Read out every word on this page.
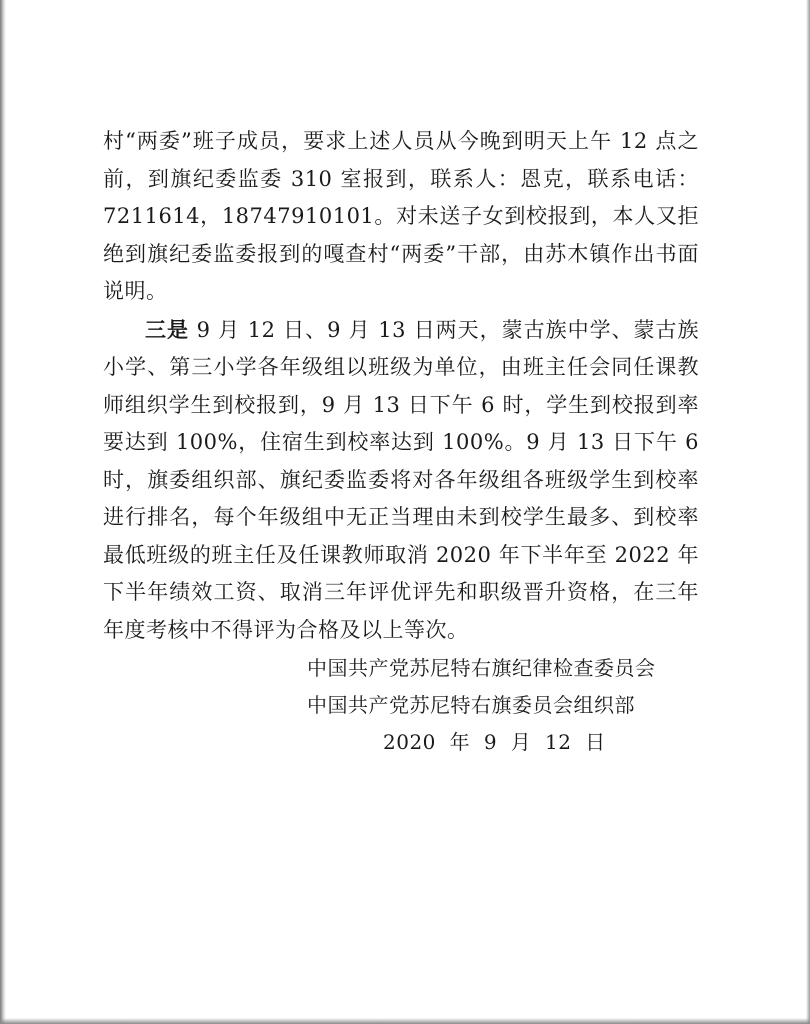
村“两委”班子成员，要求上述人员从今晚到明天上午 12 点之前，到旗纪委监委 310 室报到，联系人：恩克，联系电话：7211614，18747910101。对未送子女到校报到，本人又拒绝到旗纪委监委报到的嘎查村“两委”干部，由苏木镇作出书面说明。

三是 9 月 12 日、9 月 13 日两天，蒙古族中学、蒙古族小学、第三小学各年级组以班级为单位，由班主任会同任课教师组织学生到校报到，9 月 13 日下午 6 时，学生到校报到率要达到 100%，住宿生到校率达到 100%。9 月 13 日下午 6 时，旗委组织部、旗纪委监委将对各年级组各班级学生到校率进行排名，每个年级组中无正当理由未到校学生最多、到校率最低班级的班主任及任课教师取消 2020 年下半年至 2022 年下半年绩效工资、取消三年评优评先和职级晋升资格，在三年年度考核中不得评为合格及以上等次。

中国共产党苏尼特右旗纪律检查委员会
中国共产党苏尼特右旗委员会组织部
2020  年  9  月  12  日
